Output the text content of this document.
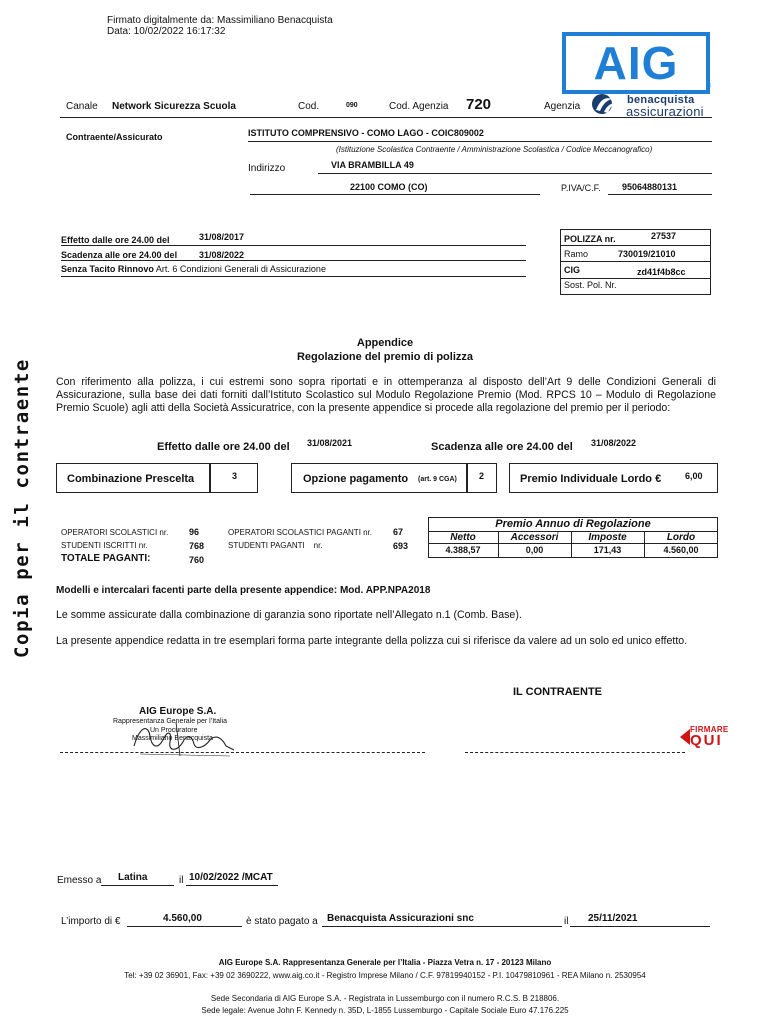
Firmato digitalmente da: Massimiliano Benacquista
Data: 10/02/2022 16:17:32
AIG	®
Canale Network Sicurezza Scuola	Cod.	090	Cod. Agenzia 720	Agenzia
benacquista
assicurazioni
Contraente/Assicurato	ISTITUTO COMPRENSIVO - COMO LAGO - COIC809002
(Istituzione Scolastica Contraente / Amministrazione Scolastica / Codice Meccanografico)
Indirizzo	VIA BRAMBILLA 49
22100 COMO (CO)	P.IVA/C.F. 95064880131
Effetto dalle ore 24.00 del	31/08/2017
Scadenza alle ore 24.00 del 31/08/2022
Senza Tacito Rinnovo Art. 6 Condizioni Generali di Assicurazione
POLIZZA nr.	27537
Ramo	730019/21010
CIG	zd41f4b8cc
Sost. Pol. Nr.
Appendice
Regolazione del premio di polizza
Con riferimento alla polizza, i cui estremi sono sopra riportati e in ottemperanza al disposto dell’Art 9 delle Condizioni Generali di Assicurazione, sulla base dei dati forniti dall’Istituto Scolastico sul Modulo Regolazione Premio (Mod. RPCS 10 – Modulo di Regolazione Premio Scuole) agli atti della Società Assicuratrice, con la presente appendice si procede alla regolazione del premio per il periodo:
Effetto dalle ore 24.00 del 31/08/2021	Scadenza alle ore 24.00 del 31/08/2022
Combinazione Prescelta	3	Opzione pagamento (art. 9 CGA) 2	Premio Individuale Lordo €	6,00
OPERATORI SCOLASTICI nr. 96
STUDENTI ISCRITTI nr.	768
TOTALE PAGANTI:	760
OPERATORI SCOLASTICI PAGANTI nr. 67
STUDENTI PAGANTI nr.	693
Premio Annuo di Regolazione
Netto	Accessori	Imposte	Lordo
4.388,57	0,00	171,43	4.560,00
Modelli e intercalari facenti parte della presente appendice: Mod. APP.NPA2018
Le somme assicurate dalla combinazione di garanzia sono riportate nell’Allegato n.1 (Comb. Base).
La presente appendice redatta in tre esemplari forma parte integrante della polizza cui si riferisce da valere ad un solo ed unico effetto.
IL CONTRAENTE
AIG Europe S.A.
Rappresentanza Generale per l’Italia
Un Procuratore
Massimiliano Benacquista
FIRMARE
QUI
Emesso a Latina	il 10/02/2022 /MCAT
L’importo di €	4.560,00	è stato pagato a Benacquista Assicurazioni snc	il 25/11/2021
AIG Europe S.A. Rappresentanza Generale per l’Italia - Piazza Vetra n. 17 - 20123 Milano
Tel: +39 02 36901, Fax: +39 02 3690222, www.aig.co.it - Registro Imprese Milano / C.F. 97819940152 - P.I. 10479810961 - REA Milano n. 2530954
Sede Secondaria di AIG Europe S.A. - Registrata in Lussemburgo con il numero R.C.S. B 218806.
Sede legale: Avenue John F. Kennedy n. 35D, L-1855 Lussemburgo - Capitale Sociale Euro 47.176.225
Copia per il contraente
